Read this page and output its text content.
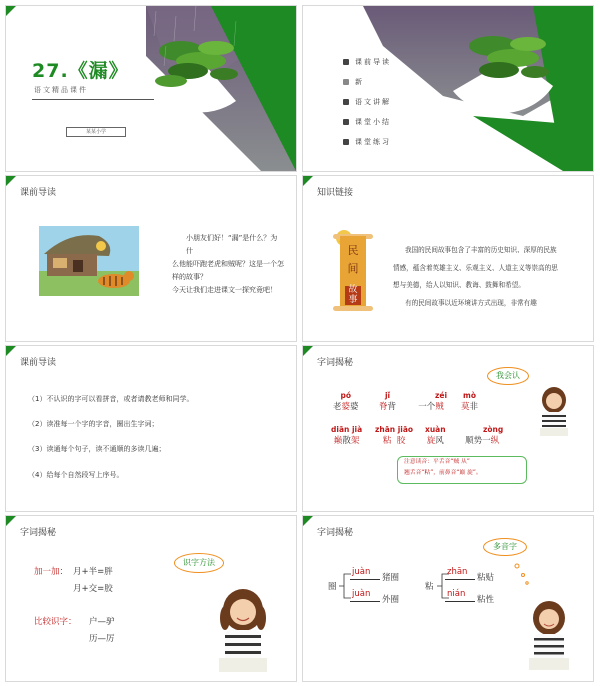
27.《漏》
语文精品课件
某某小学
课前导读
新
语文讲解
课堂小结
课堂练习
课前导读
小朋友们好！“漏”是什么？为什
么他能吓跑老虎和贼呢？这是一个怎
样的故事？
今天让我们走进课文一探究竟吧！
知识链接
民
间
故
事
我国的民间故事包含了丰富的历史知识、深厚的民族
情感，蕴含着英雄主义、乐观主义、人道主义等崇高的思
想与美德，给人以知识、教诲、鼓舞和希望。
有的民间故事以近环境讲方式出现，非常有趣
课前导读
（1）不认识的字可以看拼音，或者请教老师和同学。
（2）读准每一个字的字音，圈出生字词；
（3）读通每个句子，读不通顺的多读几遍；
（4）给每个自然段写上序号。
字词揭秘
我会认
pó
老婆婆
jǐ
脊背
zéi
一个贼
mò
莫非
diān jià
巅散架
zhān jiāo
粘 胶
xuàn
旋风
zòng
顺势一纵
注意读音：平舌音“贼 从”
翘舌音“粘”，前鼻音“巅 旋”。
字词揭秘
识字方法
加一加： 月+半=胖
月+交=胶
比较识字： 户—驴
历—厉
字词揭秘
多音字
圈
juàn
猪圈
juàn
外圈
粘
zhān
粘贴
nián
粘性
